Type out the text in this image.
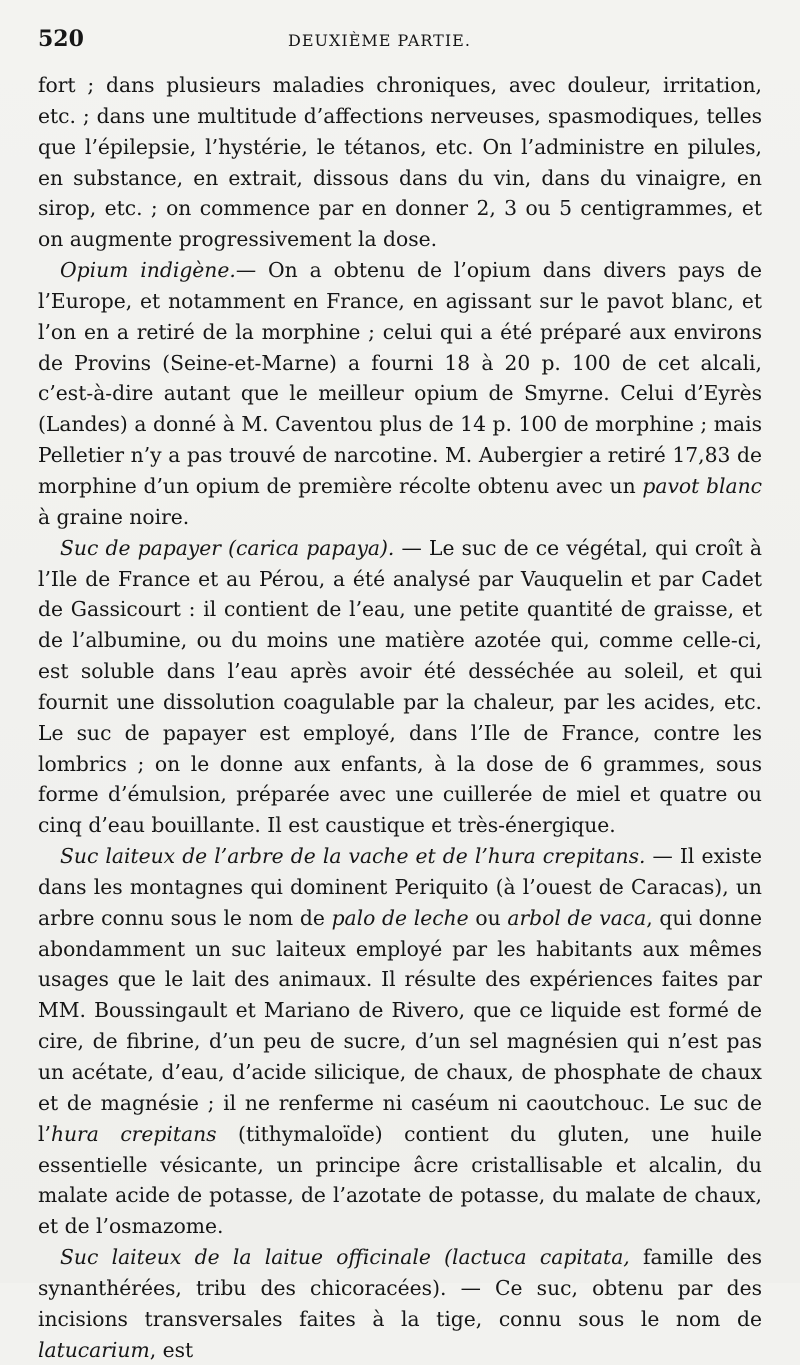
520	DEUXIÈME PARTIE.

fort ; dans plusieurs maladies chroniques, avec douleur, irritation, etc. ; dans une multitude d’affections nerveuses, spasmodiques, telles que l’épilepsie, l’hystérie, le tétanos, etc. On l’administre en pilules, en substance, en extrait, dissous dans du vin, dans du vinaigre, en sirop, etc. ; on commence par en donner 2, 3 ou 5 centigrammes, et on augmente progressivement la dose.

Opium indigène.— On a obtenu de l’opium dans divers pays de l’Europe, et notamment en France, en agissant sur le pavot blanc, et l’on en a retiré de la morphine ; celui qui a été préparé aux environs de Provins (Seine-et-Marne) a fourni 18 à 20 p. 100 de cet alcali, c’est-à-dire autant que le meilleur opium de Smyrne. Celui d’Eyrès (Landes) a donné à M. Caventou plus de 14 p. 100 de morphine ; mais Pelletier n’y a pas trouvé de narcotine. M. Aubergier a retiré 17,83 de morphine d’un opium de première récolte obtenu avec un pavot blanc à graine noire.

Suc de papayer (carica papaya). — Le suc de ce végétal, qui croît à l’Ile de France et au Pérou, a été analysé par Vauquelin et par Cadet de Gassicourt : il contient de l’eau, une petite quantité de graisse, et de l’albumine, ou du moins une matière azotée qui, comme celle-ci, est soluble dans l’eau après avoir été desséchée au soleil, et qui fournit une dissolution coagulable par la chaleur, par les acides, etc. Le suc de papayer est employé, dans l’Ile de France, contre les lombrics ; on le donne aux enfants, à la dose de 6 grammes, sous forme d’émulsion, préparée avec une cuillerée de miel et quatre ou cinq d’eau bouillante. Il est caustique et très-énergique.

Suc laiteux de l’arbre de la vache et de l’hura crepitans. — Il existe dans les montagnes qui dominent Periquito (à l’ouest de Caracas), un arbre connu sous le nom de palo de leche ou arbol de vaca, qui donne abondamment un suc laiteux employé par les habitants aux mêmes usages que le lait des animaux. Il résulte des expériences faites par MM. Boussingault et Mariano de Rivero, que ce liquide est formé de cire, de fibrine, d’un peu de sucre, d’un sel magnésien qui n’est pas un acétate, d’eau, d’acide silicique, de chaux, de phosphate de chaux et de magnésie ; il ne renferme ni caséum ni caoutchouc. Le suc de l’hura crepitans (tithymaloïde) contient du gluten, une huile essentielle vésicante, un principe âcre cristallisable et alcalin, du malate acide de potasse, de l’azotate de potasse, du malate de chaux, et de l’osmazome.

Suc laiteux de la laitue officinale (lactuca capitata, famille des synanthérées, tribu des chicoracées). — Ce suc, obtenu par des incisions transversales faites à la tige, connu sous le nom de latucarium, est
